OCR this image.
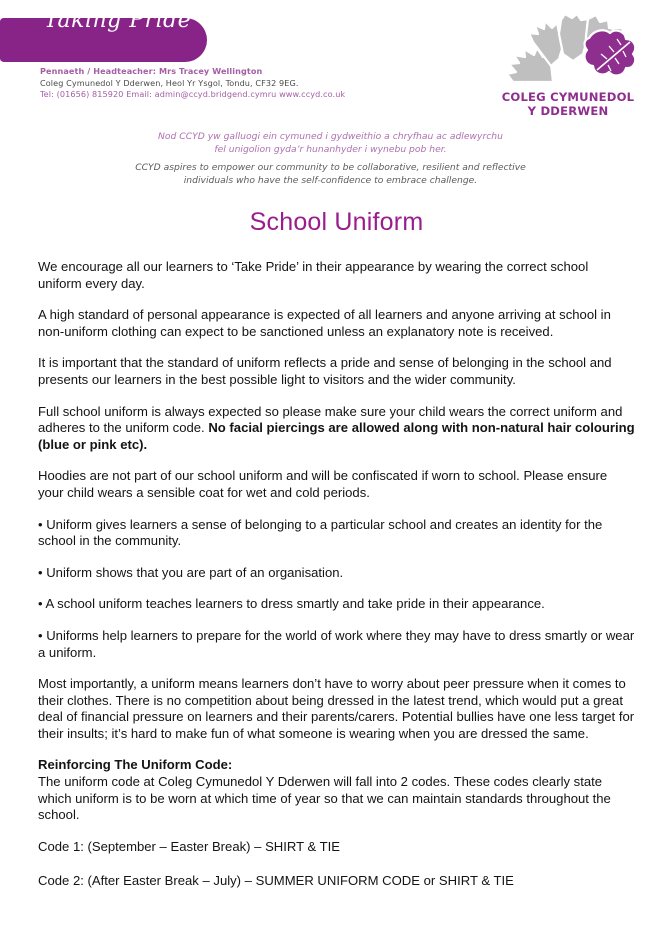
Taking Pride
Pennaeth / Headteacher: Mrs Tracey Wellington
Coleg Cymunedol Y Dderwen, Heol Yr Ysgol, Tondu, CF32 9EG.
Tel: (01656) 815920 Email: admin@ccyd.bridgend.cymru www.ccyd.co.uk	COLEG CYMUNEDOL
Y DDERWEN
Nod CCYD yw galluogi ein cymuned i gydweithio a chryfhau ac adlewyrchu
fel unigolion gyda’r hunanhyder i wynebu pob her.
CCYD aspires to empower our community to be collaborative, resilient and reflective
individuals who have the self-confidence to embrace challenge.
School Uniform

We encourage all our learners to ‘Take Pride’ in their appearance by wearing the correct school uniform every day.

A high standard of personal appearance is expected of all learners and anyone arriving at school in non-uniform clothing can expect to be sanctioned unless an explanatory note is received.

It is important that the standard of uniform reflects a pride and sense of belonging in the school and presents our learners in the best possible light to visitors and the wider community.

Full school uniform is always expected so please make sure your child wears the correct uniform and adheres to the uniform code. No facial piercings are allowed along with non-natural hair colouring (blue or pink etc).

Hoodies are not part of our school uniform and will be confiscated if worn to school. Please ensure your child wears a sensible coat for wet and cold periods.

• Uniform gives learners a sense of belonging to a particular school and creates an identity for the school in the community.

• Uniform shows that you are part of an organisation.

• A school uniform teaches learners to dress smartly and take pride in their appearance.

• Uniforms help learners to prepare for the world of work where they may have to dress smartly or wear a uniform.

Most importantly, a uniform means learners don’t have to worry about peer pressure when it comes to their clothes. There is no competition about being dressed in the latest trend, which would put a great deal of financial pressure on learners and their parents/carers. Potential bullies have one less target for their insults; it’s hard to make fun of what someone is wearing when you are dressed the same.

Reinforcing The Uniform Code:
The uniform code at Coleg Cymunedol Y Dderwen will fall into 2 codes. These codes clearly state which uniform is to be worn at which time of year so that we can maintain standards throughout the school.

Code 1: (September – Easter Break) – SHIRT & TIE

Code 2: (After Easter Break – July) – SUMMER UNIFORM CODE or SHIRT & TIE
